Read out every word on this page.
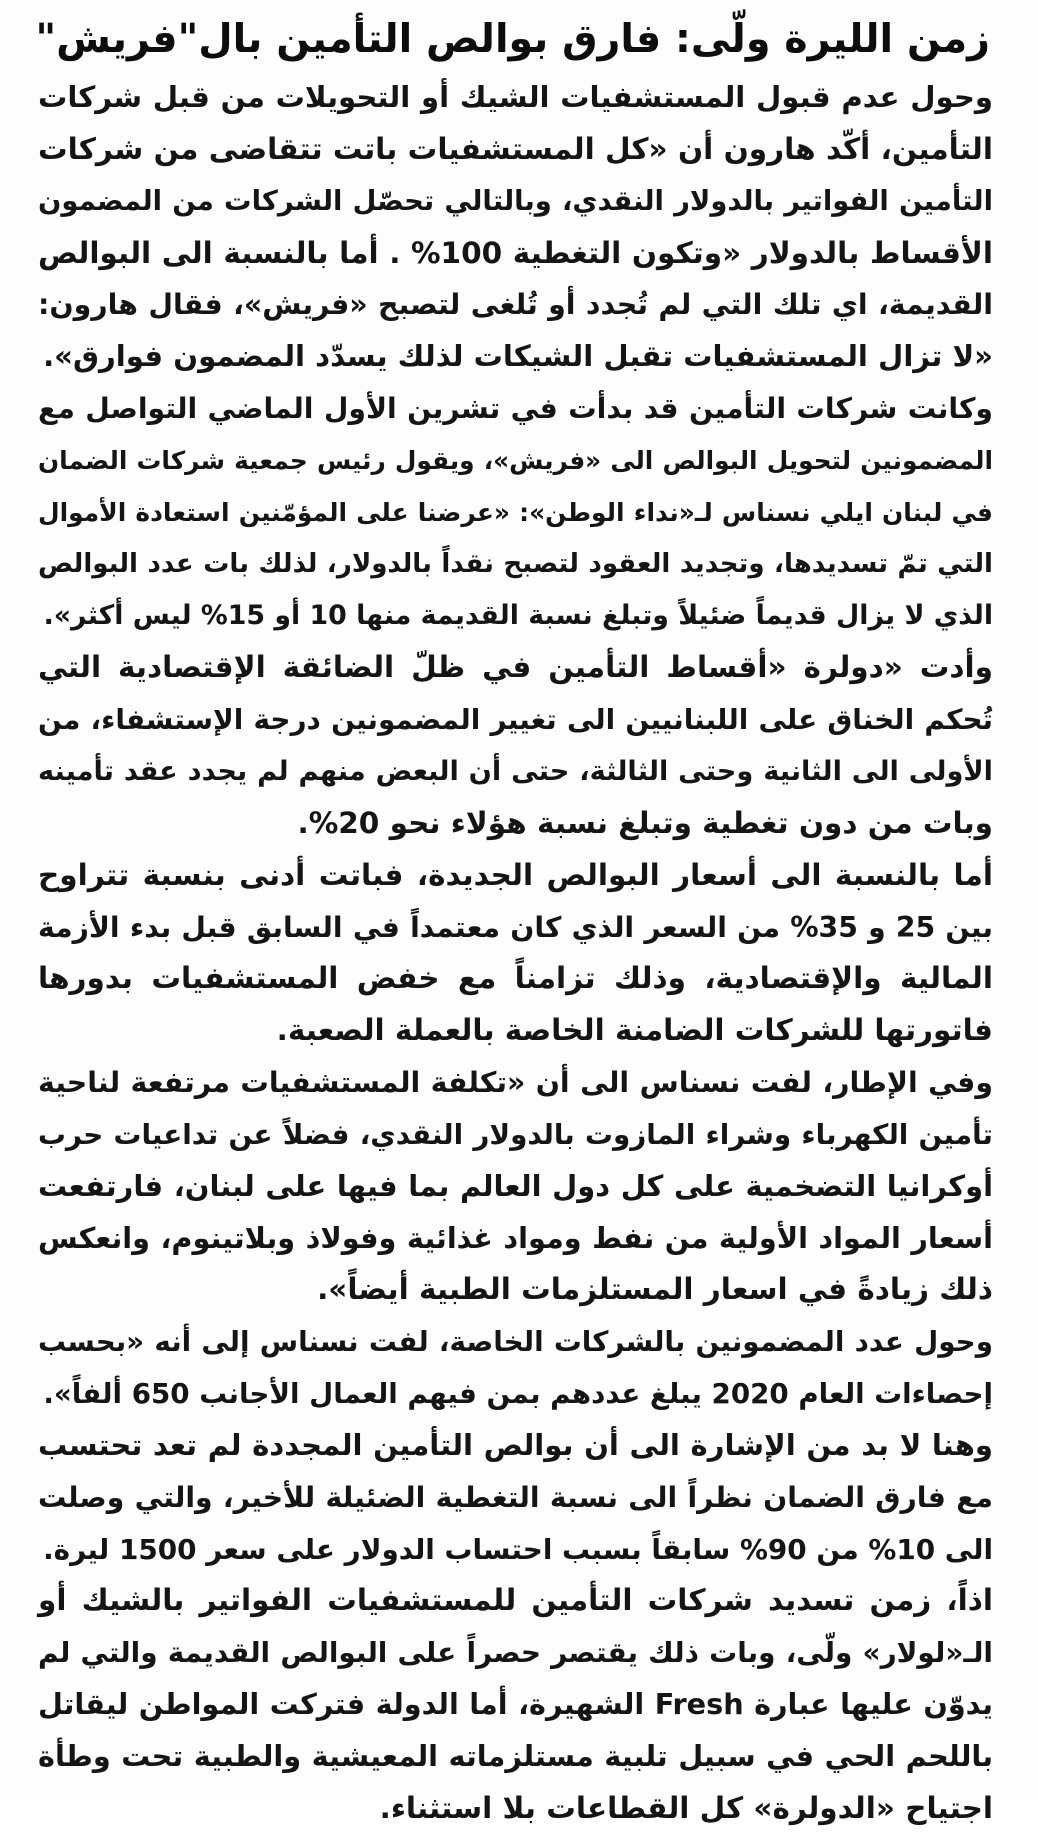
زمن الليرة ولّى: فارق بوالص التأمين بال"فريش"
وحول عدم قبول المستشفيات الشيك أو التحويلات من قبل شركات
التأمين، أكّد هارون أن «كل المستشفيات باتت تتقاضى من شركات
التأمين الفواتير بالدولار النقدي، وبالتالي تحصّل الشركات من المضمون
الأقساط بالدولار «وتكون التغطية 100% . أما بالنسبة الى البوالص
القديمة، اي تلك التي لم تُجدد أو تُلغى لتصبح «فريش»، فقال هارون:
«لا تزال المستشفيات تقبل الشيكات لذلك يسدّد المضمون فوارق».
وكانت شركات التأمين قد بدأت في تشرين الأول الماضي التواصل مع
المضمونين لتحويل البوالص الى «فريش»، ويقول رئيس جمعية شركات الضمان
في لبنان ايلي نسناس لـ«نداء الوطن»: «عرضنا على المؤمّنين استعادة الأموال
التي تمّ تسديدها، وتجديد العقود لتصبح نقداً بالدولار، لذلك بات عدد البوالص
الذي لا يزال قديماً ضئيلاً وتبلغ نسبة القديمة منها 10 أو 15% ليس أكثر».
وأدت «دولرة «أقساط التأمين في ظلّ الضائقة الإقتصادية التي
تُحكم الخناق على اللبنانيين الى تغيير المضمونين درجة الإستشفاء، من
الأولى الى الثانية وحتى الثالثة، حتى أن البعض منهم لم يجدد عقد تأمينه
وبات من دون تغطية وتبلغ نسبة هؤلاء نحو 20%.
أما بالنسبة الى أسعار البوالص الجديدة، فباتت أدنى بنسبة تتراوح
بين 25 و 35% من السعر الذي كان معتمداً في السابق قبل بدء الأزمة
المالية والإقتصادية، وذلك تزامناً مع خفض المستشفيات بدورها
فاتورتها للشركات الضامنة الخاصة بالعملة الصعبة.
وفي الإطار، لفت نسناس الى أن «تكلفة المستشفيات مرتفعة لناحية
تأمين الكهرباء وشراء المازوت بالدولار النقدي، فضلاً عن تداعيات حرب
أوكرانيا التضخمية على كل دول العالم بما فيها على لبنان، فارتفعت
أسعار المواد الأولية من نفط ومواد غذائية وفولاذ وبلاتينوم، وانعكس
ذلك زيادةً في اسعار المستلزمات الطبية أيضاً».
وحول عدد المضمونين بالشركات الخاصة، لفت نسناس إلى أنه «بحسب
إحصاءات العام 2020 يبلغ عددهم بمن فيهم العمال الأجانب 650 ألفاً».
وهنا لا بد من الإشارة الى أن بوالص التأمين المجددة لم تعد تحتسب
مع فارق الضمان نظراً الى نسبة التغطية الضئيلة للأخير، والتي وصلت
الى 10% من 90% سابقاً بسبب احتساب الدولار على سعر 1500 ليرة.
اذاً، زمن تسديد شركات التأمين للمستشفيات الفواتير بالشيك أو
الـ«لولار» ولّى، وبات ذلك يقتصر حصراً على البوالص القديمة والتي لم
يدوّن عليها عبارة Fresh الشهيرة، أما الدولة فتركت المواطن ليقاتل
باللحم الحي في سبيل تلبية مستلزماته المعيشية والطبية تحت وطأة
اجتياح «الدولرة» كل القطاعات بلا استثناء.
